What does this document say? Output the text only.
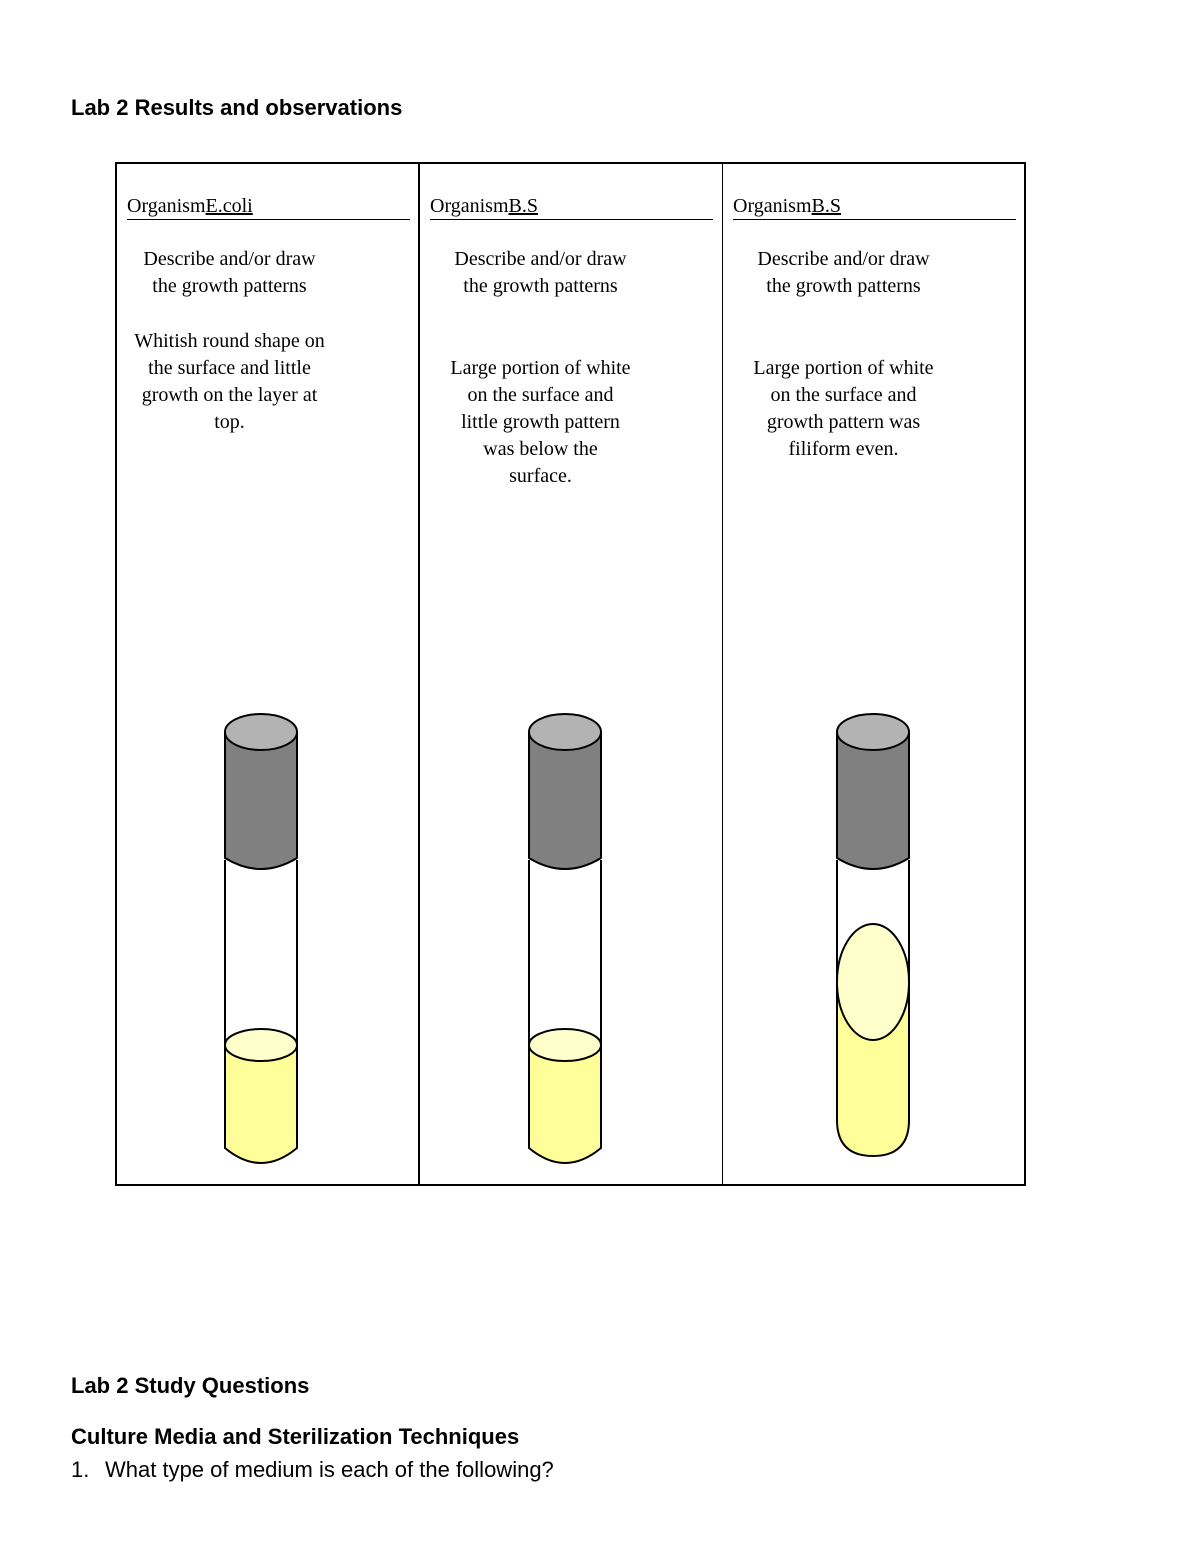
Lab 2 Results and observations
OrganismE.coli
Describe and/or draw
the growth patterns
Whitish round shape on
the surface and little
growth on the layer at
top.
OrganismB.S
Describe and/or draw
the growth patterns
Large portion of white
on the surface and
little growth pattern
was below the
surface.
OrganismB.S
Describe and/or draw
the growth patterns
Large portion of white
on the surface and
growth pattern was
filiform even.
Lab 2 Study Questions
Culture Media and Sterilization Techniques
1. What type of medium is each of the following?
